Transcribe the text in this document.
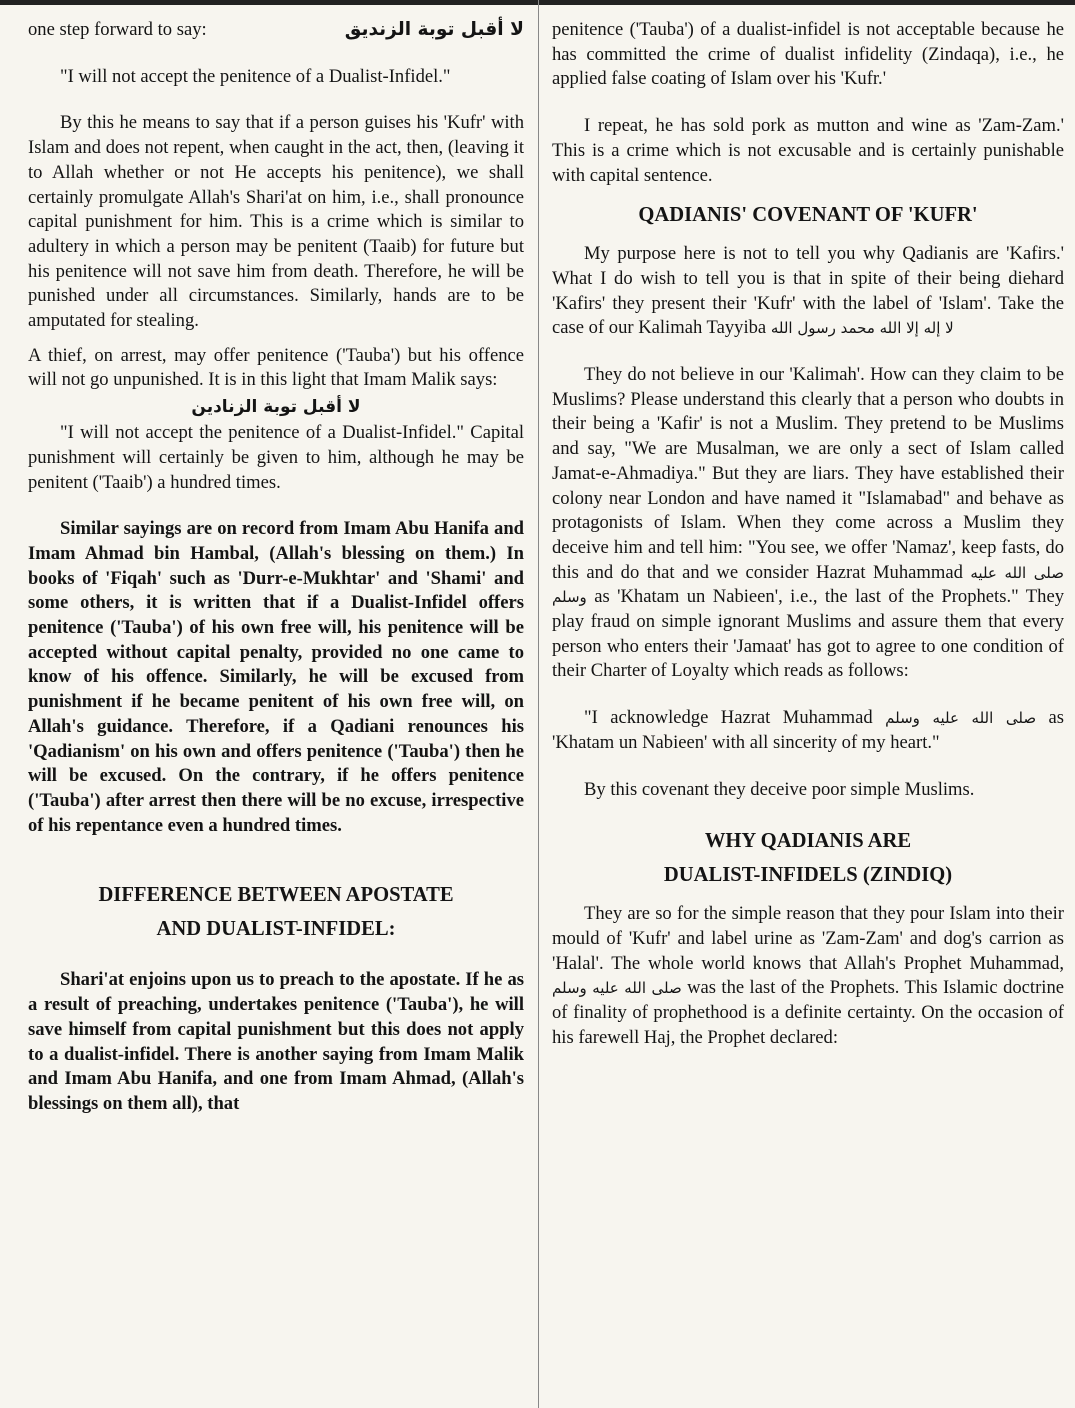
one step forward to say:	لا أقبل توبة الزنديق

"I will not accept the penitence of a Dualist-Infidel."

By this he means to say that if a person guises his 'Kufr' with Islam and does not repent, when caught in the act, then, (leaving it to Allah whether or not He accepts his penitence), we shall certainly promulgate Allah's Shari'at on him, i.e., shall pronounce capital punishment for him. This is a crime which is similar to adultery in which a person may be penitent (Taaib) for future but his penitence will not save him from death. Therefore, he will be punished under all circumstances. Similarly, hands are to be amputated for stealing.

A thief, on arrest, may offer penitence ('Tauba') but his offence will not go unpunished. It is in this light that Imam Malik says:

لا أقبل توبة الزنادين

"I will not accept the penitence of a Dualist-Infidel." Capital punishment will certainly be given to him, although he may be penitent ('Taaib') a hundred times.

Similar sayings are on record from Imam Abu Hanifa and Imam Ahmad bin Hambal, (Allah's blessing on them.) In books of 'Fiqah' such as 'Durr-e-Mukhtar' and 'Shami' and some others, it is written that if a Dualist-Infidel offers penitence ('Tauba') of his own free will, his penitence will be accepted without capital penalty, provided no one came to know of his offence. Similarly, he will be excused from punishment if he became penitent of his own free will, on Allah's guidance. Therefore, if a Qadiani renounces his 'Qadianism' on his own and offers penitence ('Tauba') then he will be excused. On the contrary, if he offers penitence ('Tauba') after arrest then there will be no excuse, irrespective of his repentance even a hundred times.

DIFFERENCE BETWEEN APOSTATE
AND DUALIST-INFIDEL:

Shari'at enjoins upon us to preach to the apostate. If he as a result of preaching, undertakes penitence ('Tauba'), he will save himself from capital punishment but this does not apply to a dualist-infidel. There is another saying from Imam Malik and Imam Abu Hanifa, and one from Imam Ahmad, (Allah's blessings on them all), that

penitence ('Tauba') of a dualist-infidel is not acceptable because he has committed the crime of dualist infidelity (Zindaqa), i.e., he applied false coating of Islam over his 'Kufr.'

I repeat, he has sold pork as mutton and wine as 'Zam-Zam.' This is a crime which is not excusable and is certainly punishable with capital sentence.

QADIANIS' COVENANT OF 'KUFR'

My purpose here is not to tell you why Qadianis are 'Kafirs.' What I do wish to tell you is that in spite of their being diehard 'Kafirs' they present their 'Kufr' with the label of 'Islam'. Take the case of our Kalimah Tayyiba لا إله إلا الله محمد رسول الله

They do not believe in our 'Kalimah'. How can they claim to be Muslims? Please understand this clearly that a person who doubts in their being a 'Kafir' is not a Muslim. They pretend to be Muslims and say, "We are Musalman, we are only a sect of Islam called Jamat-e-Ahmadiya." But they are liars. They have established their colony near London and have named it "Islamabad" and behave as protagonists of Islam. When they come across a Muslim they deceive him and tell him: "You see, we offer 'Namaz', keep fasts, do this and do that and we consider Hazrat Muhammad صلى الله عليه وسلم as 'Khatam un Nabieen', i.e., the last of the Prophets." They play fraud on simple ignorant Muslims and assure them that every person who enters their 'Jamaat' has got to agree to one condition of their Charter of Loyalty which reads as follows:

"I acknowledge Hazrat Muhammad صلى الله عليه وسلم as 'Khatam un Nabieen' with all sincerity of my heart."

By this covenant they deceive poor simple Muslims.

WHY QADIANIS ARE
DUALIST-INFIDELS (ZINDIQ)

They are so for the simple reason that they pour Islam into their mould of 'Kufr' and label urine as 'Zam-Zam' and dog's carrion as 'Halal'. The whole world knows that Allah's Prophet Muhammad, صلى الله عليه وسلم was the last of the Prophets. This Islamic doctrine of finality of prophethood is a definite certainty. On the occasion of his farewell Haj, the Prophet declared:
